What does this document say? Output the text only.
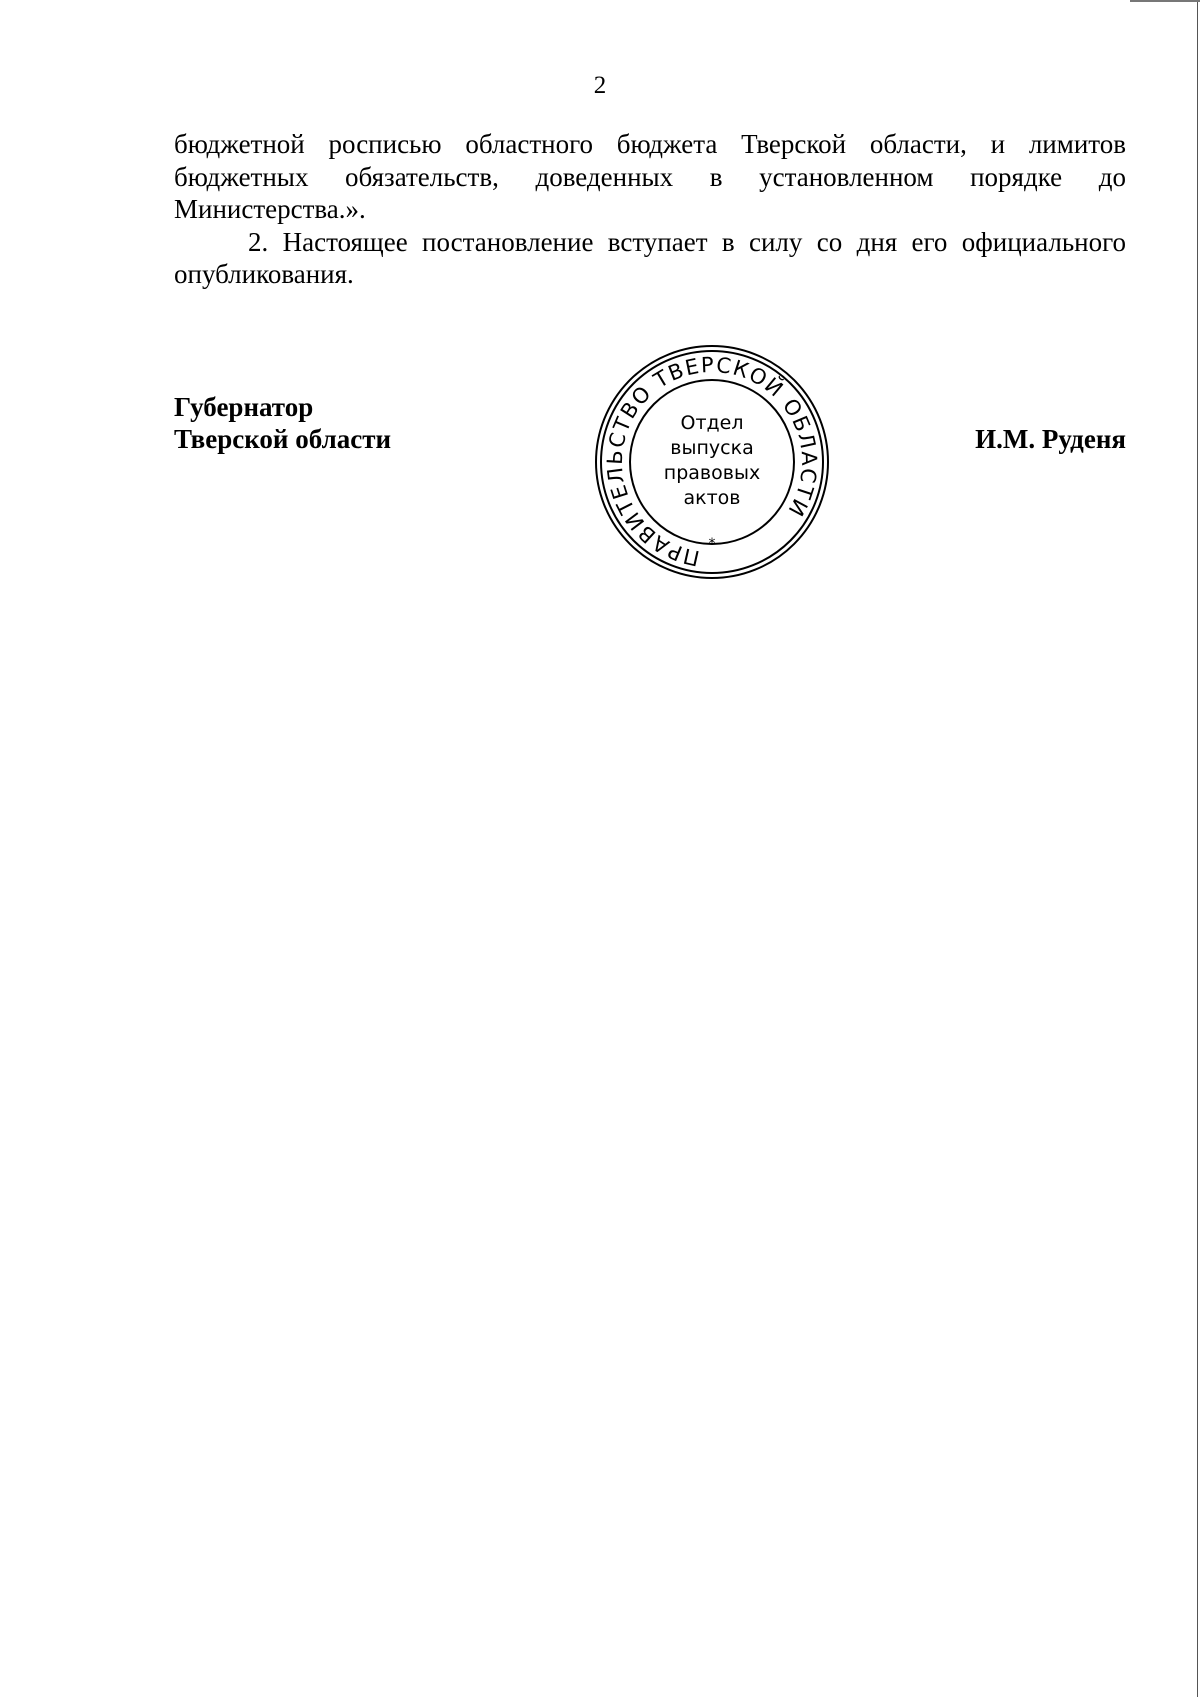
2

бюджетной росписью областного бюджета Тверской области, и лимитов бюджетных обязательств, доведенных в установленном порядке до Министерства.».

2. Настоящее постановление вступает в силу со дня его официального опубликования.

Губернатор
Тверской области
ПРАВИТЕЛЬСТВО ТВЕРСКОЙ ОБЛАСТИ
*
Отдел
выпуска
правовых
актов
И.М. Руденя
